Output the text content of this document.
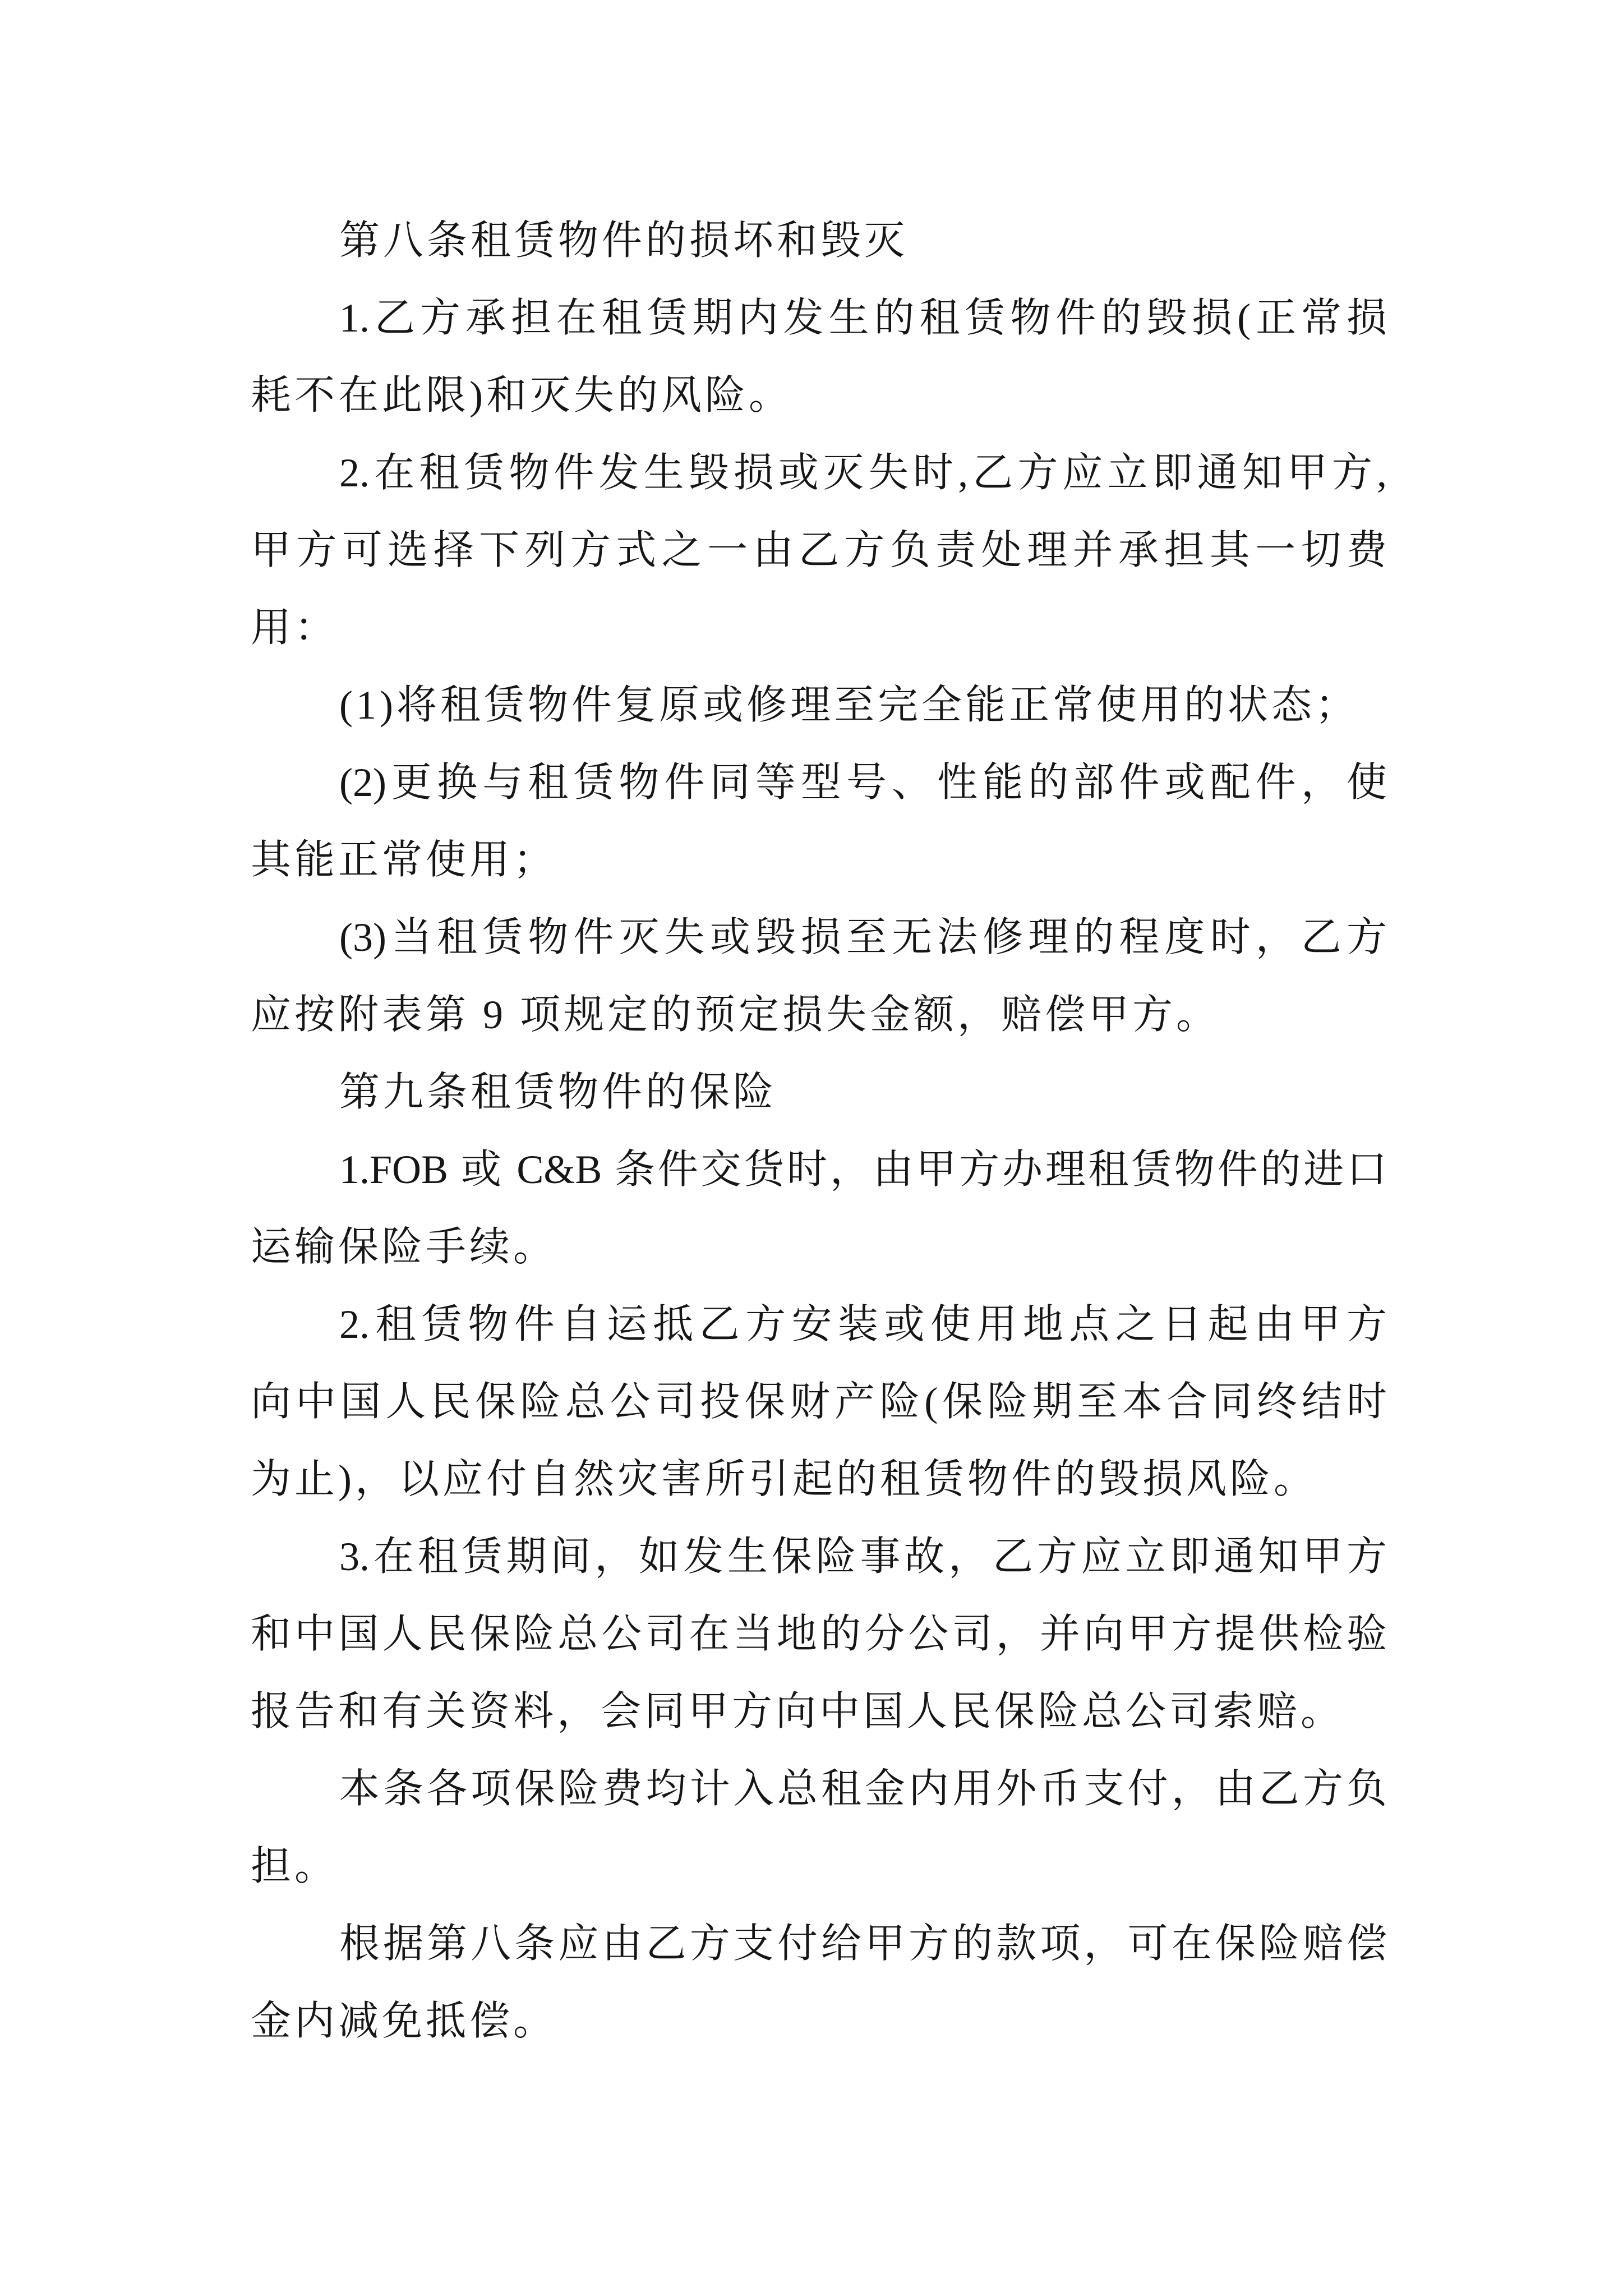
第八条租赁物件的损坏和毁灭
1.乙方承担在租赁期内发生的租赁物件的毁损(正常损
耗不在此限)和灭失的风险。
2.在租赁物件发生毁损或灭失时,乙方应立即通知甲方,
甲方可选择下列方式之一由乙方负责处理并承担其一切费
用：
(1)将租赁物件复原或修理至完全能正常使用的状态；
(2)更换与租赁物件同等型号、性能的部件或配件，使
其能正常使用；
(3)当租赁物件灭失或毁损至无法修理的程度时，乙方
应按附表第 9 项规定的预定损失金额，赔偿甲方。
第九条租赁物件的保险
1.FOB 或 C&B 条件交货时，由甲方办理租赁物件的进口
运输保险手续。
2.租赁物件自运抵乙方安装或使用地点之日起由甲方
向中国人民保险总公司投保财产险(保险期至本合同终结时
为止)，以应付自然灾害所引起的租赁物件的毁损风险。
3.在租赁期间，如发生保险事故，乙方应立即通知甲方
和中国人民保险总公司在当地的分公司，并向甲方提供检验
报告和有关资料，会同甲方向中国人民保险总公司索赔。
本条各项保险费均计入总租金内用外币支付，由乙方负
担。
根据第八条应由乙方支付给甲方的款项，可在保险赔偿
金内减免抵偿。
